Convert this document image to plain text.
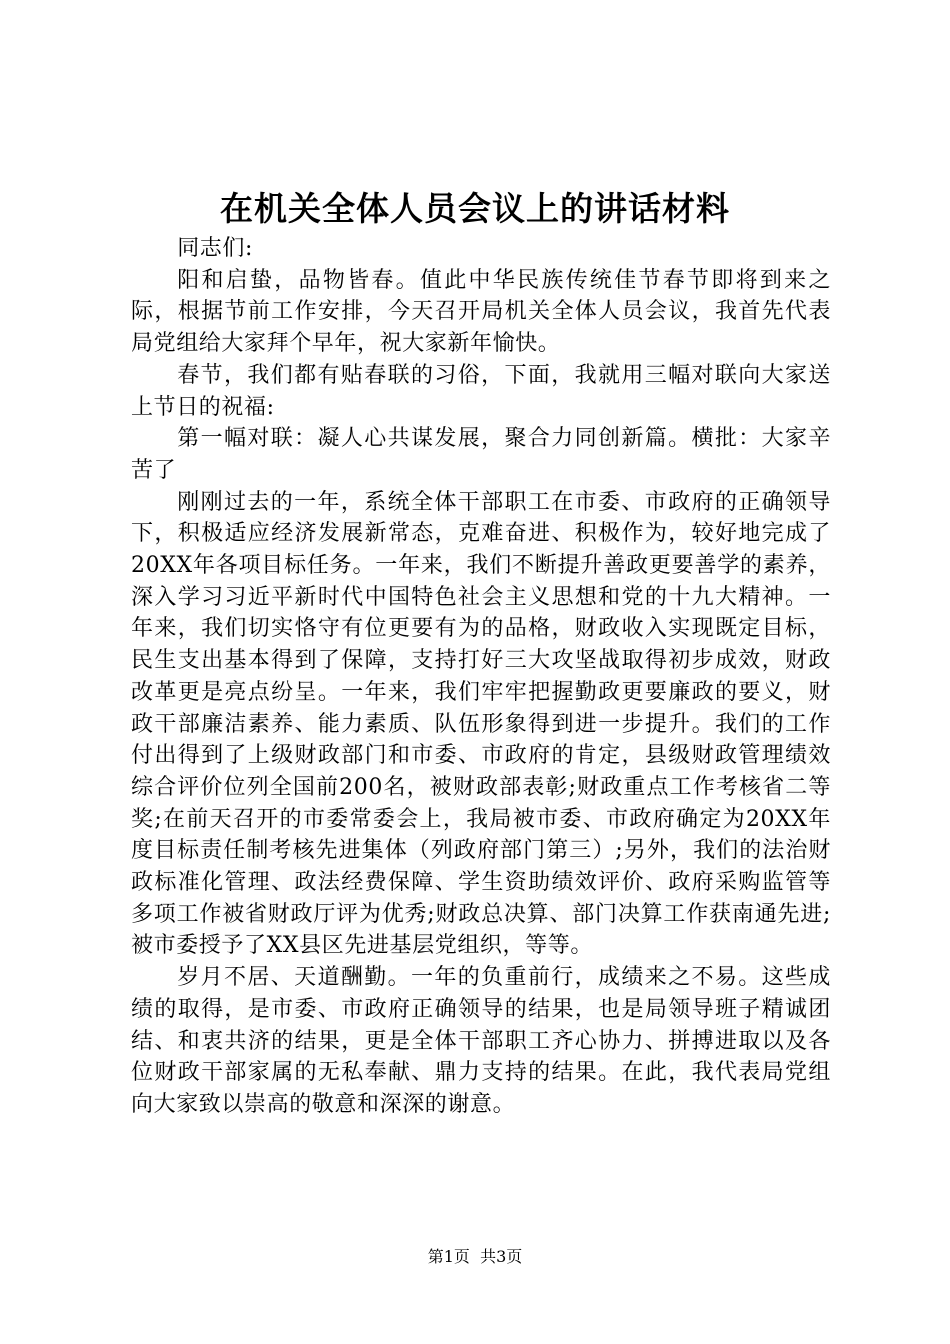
在机关全体人员会议上的讲话材料

同志们:

阳和启蛰，品物皆春。值此中华民族传统佳节春节即将到来之际，根据节前工作安排，今天召开局机关全体人员会议，我首先代表局党组给大家拜个早年，祝大家新年愉快。

春节，我们都有贴春联的习俗，下面，我就用三幅对联向大家送上节日的祝福:

第一幅对联：凝人心共谋发展，聚合力同创新篇。横批：大家辛苦了

刚刚过去的一年，系统全体干部职工在市委、市政府的正确领导下，积极适应经济发展新常态，克难奋进、积极作为，较好地完成了20XX年各项目标任务。一年来，我们不断提升善政更要善学的素养，深入学习习近平新时代中国特色社会主义思想和党的十九大精神。一年来，我们切实恪守有位更要有为的品格，财政收入实现既定目标，民生支出基本得到了保障，支持打好三大攻坚战取得初步成效，财政改革更是亮点纷呈。一年来，我们牢牢把握勤政更要廉政的要义，财政干部廉洁素养、能力素质、队伍形象得到进一步提升。我们的工作付出得到了上级财政部门和市委、市政府的肯定，县级财政管理绩效综合评价位列全国前200名，被财政部表彰;财政重点工作考核省二等奖;在前天召开的市委常委会上，我局被市委、市政府确定为20XX年度目标责任制考核先进集体（列政府部门第三）;另外，我们的法治财政标准化管理、政法经费保障、学生资助绩效评价、政府采购监管等多项工作被省财政厅评为优秀;财政总决算、部门决算工作获南通先进;被市委授予了XX县区先进基层党组织，等等。

岁月不居、天道酬勤。一年的负重前行，成绩来之不易。这些成绩的取得，是市委、市政府正确领导的结果，也是局领导班子精诚团结、和衷共济的结果，更是全体干部职工齐心协力、拼搏进取以及各位财政干部家属的无私奉献、鼎力支持的结果。在此，我代表局党组向大家致以崇高的敬意和深深的谢意。

第1页  共3页
